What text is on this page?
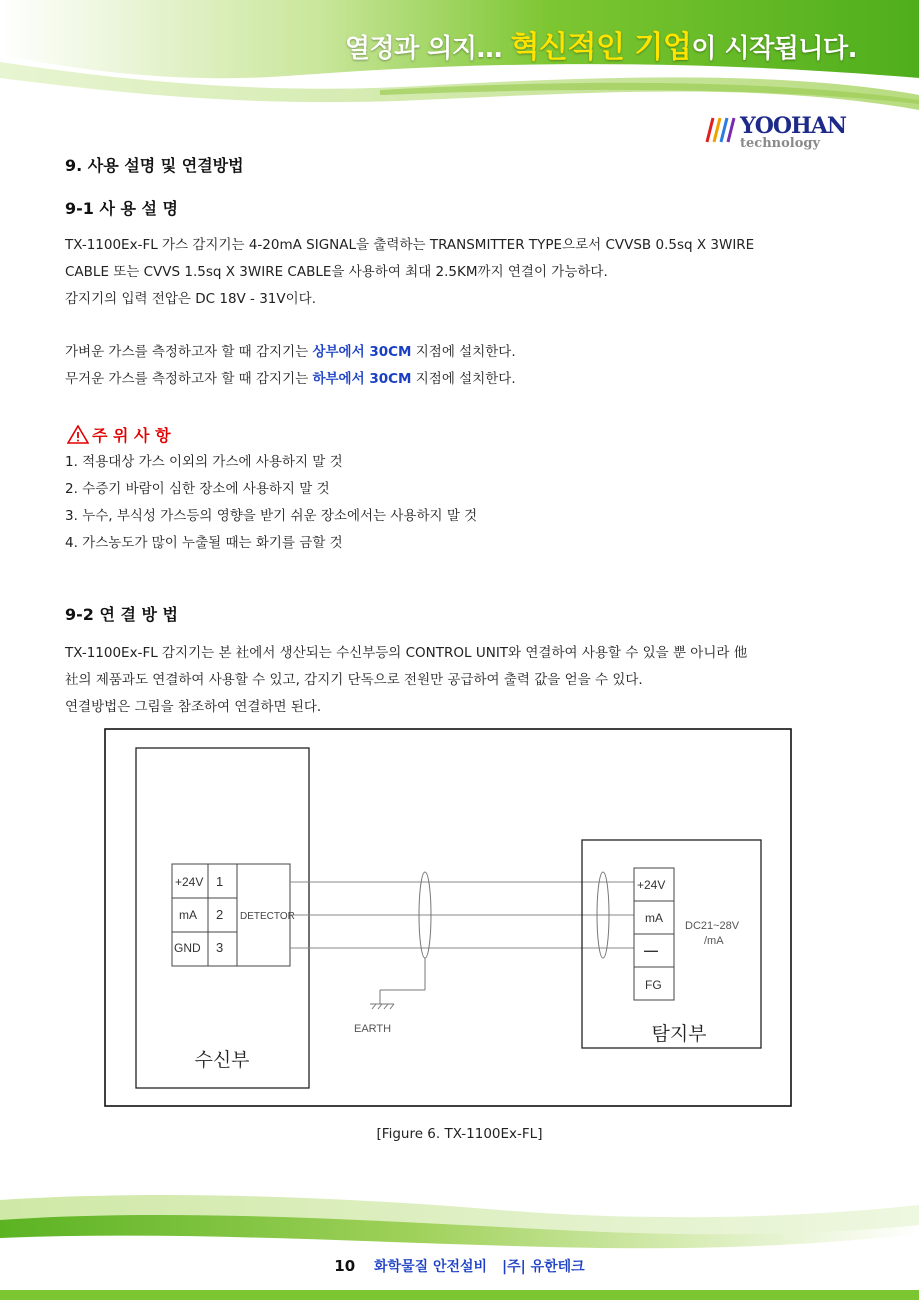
열정과 의지… 혁신적인 기업이 시작됩니다.
YOOHAN
technology
9. 사용 설명 및 연결방법
9-1 사 용 설 명
TX-1100Ex-FL 가스 감지기는 4-20mA SIGNAL을 출력하는 TRANSMITTER TYPE으로서 CVVSB 0.5sq X 3WIRE
CABLE 또는 CVVS 1.5sq X 3WIRE CABLE을 사용하여 최대 2.5KM까지 연결이 가능하다.
감지기의 입력 전압은 DC 18V - 31V이다.
가벼운 가스를 측정하고자 할 때 감지기는 상부에서 30CM 지점에 설치한다.
무거운 가스를 측정하고자 할 때 감지기는 하부에서 30CM 지점에 설치한다.
주 위 사 항
1. 적용대상 가스 이외의 가스에 사용하지 말 것
2. 수증기 바람이 심한 장소에 사용하지 말 것
3. 누수, 부식성 가스등의 영향을 받기 쉬운 장소에서는 사용하지 말 것
4. 가스농도가 많이 누출될 때는 화기를 금할 것
9-2 연 결 방 법
TX-1100Ex-FL 감지기는 본 社에서 생산되는 수신부등의 CONTROL UNIT와 연결하여 사용할 수 있을 뿐 아니라 他
社의 제품과도 연결하여 사용할 수 있고, 감지기 단독으로 전원만 공급하여 출력 값을 얻을 수 있다.
연결방법은 그림을 참조하여 연결하면 된다.
수신부
+24V
mA
GND
1
2
3
DETECTOR
EARTH	탐지부
+24V
mA
—
FG
DC21~28V
/mA
[Figure 6. TX-1100Ex-FL]
10 화학물질 안전설비 |주| 유한테크
